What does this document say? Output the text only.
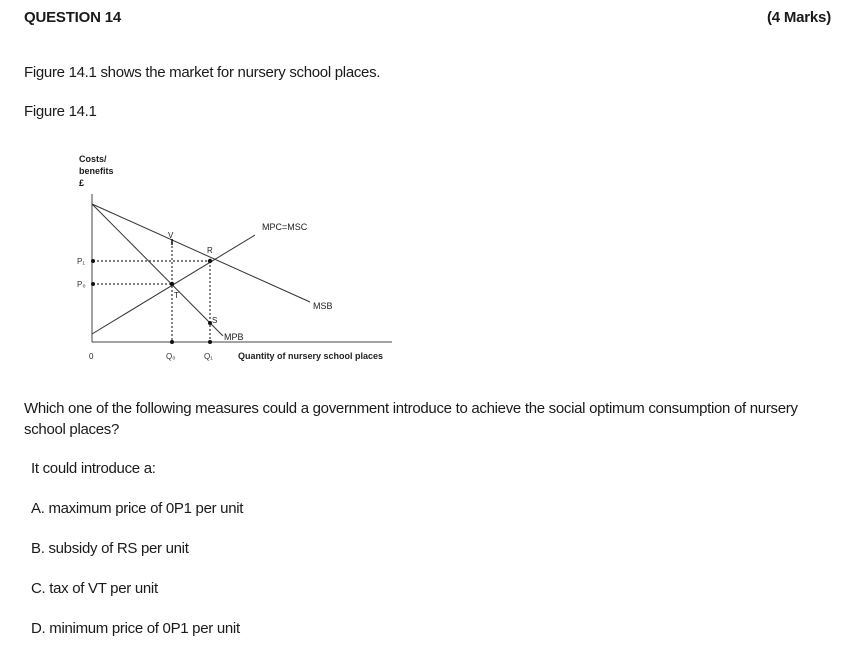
QUESTION 14	(4 Marks)
Figure 14.1 shows the market for nursery school places.
Figure 14.1
Costs/
benefits
£
MPC=MSC
MSB
MPB
P₁
P₀
V
R
T
S
0	Q₀	Q₁	Quantity of nursery school places
Which one of the following measures could a government introduce to achieve the social optimum consumption of nursery school places?
It could introduce a:
A. maximum price of 0P1 per unit
B. subsidy of RS per unit
C. tax of VT per unit
D. minimum price of 0P1 per unit
